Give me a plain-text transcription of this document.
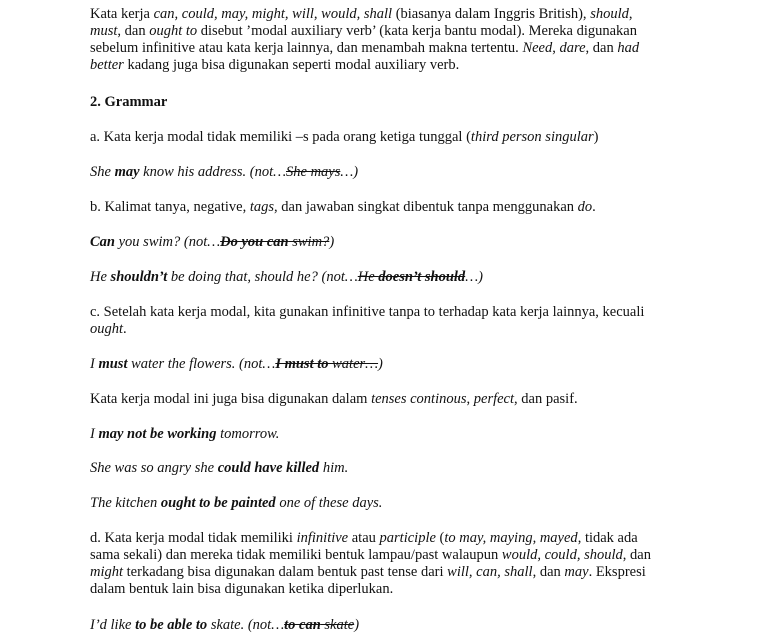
Kata kerja can, could, may, might, will, would, shall (biasanya dalam Inggris British), should,
must, dan ought to disebut ’modal auxiliary verb’ (kata kerja bantu modal). Mereka digunakan
sebelum infinitive atau kata kerja lainnya, dan menambah makna tertentu. Need, dare, dan had
better kadang juga bisa digunakan seperti modal auxiliary verb.

2. Grammar

a. Kata kerja modal tidak memiliki –s pada orang ketiga tunggal (third person singular)

She may know his address. (not…She mays…)

b. Kalimat tanya, negative, tags, dan jawaban singkat dibentuk tanpa menggunakan do.

Can you swim? (not…Do you can swim?)

He shouldn’t be doing that, should he? (not…He doesn’t should…)

c. Setelah kata kerja modal, kita gunakan infinitive tanpa to terhadap kata kerja lainnya, kecuali
ought.

I must water the flowers. (not…I must to water…)

Kata kerja modal ini juga bisa digunakan dalam tenses continous, perfect, dan pasif.

I may not be working tomorrow.

She was so angry she could have killed him.

The kitchen ought to be painted one of these days.

d. Kata kerja modal tidak memiliki infinitive atau participle (to may, maying, mayed, tidak ada
sama sekali) dan mereka tidak memiliki bentuk lampau/past walaupun would, could, should, dan
might terkadang bisa digunakan dalam bentuk past tense dari will, can, shall, dan may. Ekspresi
dalam bentuk lain bisa digunakan ketika diperlukan.

I’d like to be able to skate. (not…to can skate)
